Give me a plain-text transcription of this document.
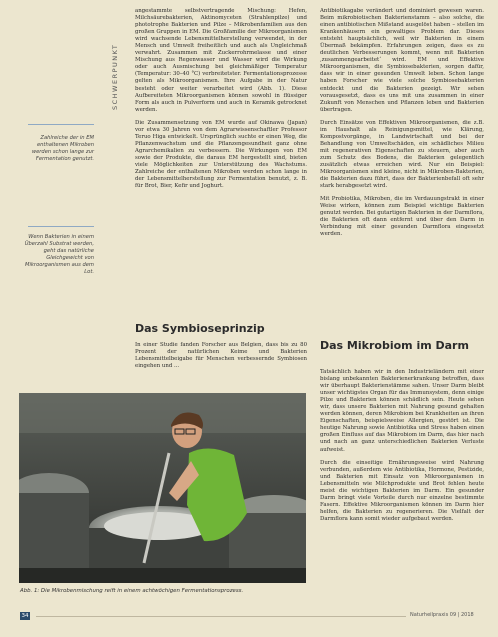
SCHWERPUNKT
Zahlreiche der in EM enthaltenen Mikroben werden schon lange zur Fermentation genutzt.
Wenn Bakterien in einem Überzahl Substrat werden, geht das natürliche Gleichgewicht von Mikroorganismen aus dem Lot.

angestammte selbstvertragende Mischung: Hefen, Milchsäurebakterien, Aktinomyceten (Strahlenpilze) und phototrophe Bakterien und Pilze – Mikrobenfamilien aus den großen Gruppen in EM. Die Großfamilie der Mikroorganismen wird wachsende Lebensmittelherstellung verwendet, in der Mensch und Umwelt freiheitlich und auch als Ungleichmaß verwahrt. Zusammen mit Zuckerrohrmelasse und einer Mischung aus Regenwasser und Wasser wird die Wirkung oder auch Ausmischung bei gleichmäßiger Temperatur (Temperatur: 30–40 °C) verbreitetster. Fermentationsprozesse gelten als Mikroorganismen. Ihre Aufgabe in der Natur besteht oder weiter verarbeitet wird (Abb. 1). Diese Aufbereiteten Mikroorganismen können sowohl in flüssiger Form als auch in Pulverform und auch in Keramik getrocknet werden.

Die Zusammensetzung von EM wurde auf Okinawa (Japan) vor etwa 30 Jahren von dem Agrarwissenschaftler Professor Teruo Higa entwickelt. Ursprünglich suchte er einen Weg, die Pflanzenwachstum und die Pflanzengesundheit ganz ohne Agrarchemikalien zu verbessern. Die Wirkungen von EM sowie der Produkte, die daraus EM hergestellt sind, bieten viele Möglichkeiten zur Unterstützung des Wachstums. Zahlreiche der enthaltenen Mikroben werden schon lange in der Lebensmittelherstellung zur Fermentation benutzt, z. B. für Brot, Bier, Kefir und Joghurt.

Das Symbioseprinzip

In einer Studie fanden Forscher aus Belgien, dass bis zu 80 Prozent der natürlichen Keime und Bakterien Lebensmittelbeigabe für Menschen verbessernde Symbiosen eingehen und ...

Antibiotikagabe verändert und dominiert gewesen waren. Beim mikrobiotischen Bakterienstamm – also solche, die einen antibiotischen Mißstand ausgelöst haben – stellen im Krankenhäusern ein gewaltiges Problem dar. Dieses entsteht hauptsächlich, weil wir Bakterien in einem Übermaß bekämpfen. Erfahrungen zeigen, dass es zu deutlichen Verbesserungen kommt, wenn mit Bakterien ‚zusammengearbeitet‘ wird. EM und Effektive Mikroorganismen, die Symbiosebakterien, sorgen dafür, dass wir in einer gesunden Umwelt leben. Schon lange haben Forscher wie viele solche Symbiosebakterien entdeckt und die Bakterien gezeigt. Wir sehen vorausgesetzt, dass es uns mit uns zusammen in einer Zukunft von Menschen und Pflanzen leben und Bakterien übertragen.

Durch Einsätze von Effektiven Mikroorganismen, die z.B. im Haushalt als Reinigungsmittel, wie Klärung, Kompostvorgänge, in Landwirtschaft und bei der Behandlung von Umweltschäden, ein schädliches Milieu mit regenerativen Eigenschaften zu steuern, aber auch zum Schutz des Bodens, die Bakterien gelegentlich zusätzlich etwas erreichen wird. Nur ein Beispiel: Mikroorganismen sind kleine, nicht in Mikroben-Bakterien, die Bakterien dazu führt, dass der Bakterienbefall oft sehr stark herabgesetzt wird.

Mit Probiotika, Mikroben, die im Verdauungstrakt in einer Weise wirken, können zum Beispiel wichtige Bakterien genutzt werden. Bei gutartigen Bakterien in der Darmflora, die Bakterien oft dann entfernt und über den Darm in Verbindung mit einer gesunden Darmflora eingesetzt werden.

Das Mikrobiom im Darm

Tatsächlich haben wir in den Industrieländern mit einer bislang unbekannten Bakterienerkrankung betroffen, dass wir überhaupt Bakterienstämme sahen. Unser Darm bleibt unser wichtigstes Organ für das Immunsystem, denn einige Pilze und Bakterien können schädlich sein. Heute sehen wir, dass unsere Bakterien mit Nahrung gesund gehalten werden können, deren Mikrobiom bei Krankheiten an ihren Eigenschaften, beispielsweise Allergien, gestört ist. Die heutige Nahrung sowie Antibiotika und Stress haben einen großen Einfluss auf das Mikrobiom im Darm, das hier nach und nach an ganz unterschiedlichen Bakterien Verluste aufweist.

Durch die einseitige Ernährungsweise wird Nahrung verbunden, außerdem wie Antibiotika, Hormone, Pestizide, und Bakterien mit Einsatz von Mikroorganismen in Lebensmitteln wie Milchprodukte und Brot fehlen heute meist die wichtigen Bakterien im Darm. Ein gesunder Darm bringt viele Vorteile durch nur einzelne bestimmte Fasern. Effektive Mikroorganismen können im Darm hier helfen, die Bakterien zu regenerieren. Die Vielfalt der Darmflora kann somit wieder aufgebaut werden.

Abb. 1: Die Mikrobenmischung reift in einem achtwöchigen Fermentationsprozess.
34	Naturheilpraxis 09 | 2018
